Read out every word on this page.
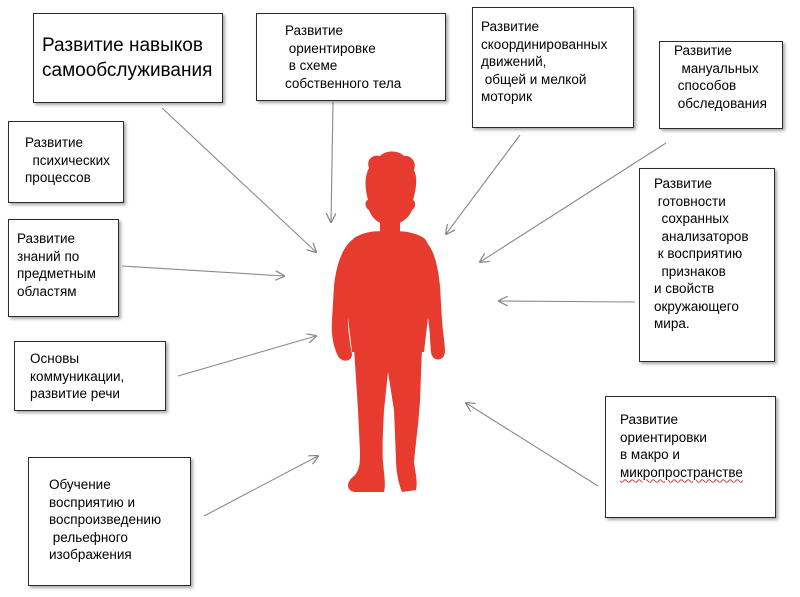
Развитие навыков
самообслуживания
Развитие
ориентировке
в схеме
собственного тела
Развитие
скоординированных
движений,
общей и мелкой
моторик
Развитие
мануальных
способов
обследования
Развитие
психических
процессов	Развитие
готовности
сохранных
анализаторов
к восприятию
признаков
и свойств
окружающего
мира.
Развитие
знаний по
предметным
областям
Основы
коммуникации,
развитие речи
Развитие
ориентировки
в макро и
микропространстве
Обучение
восприятию и
воспроизведению
рельефного
изображения
